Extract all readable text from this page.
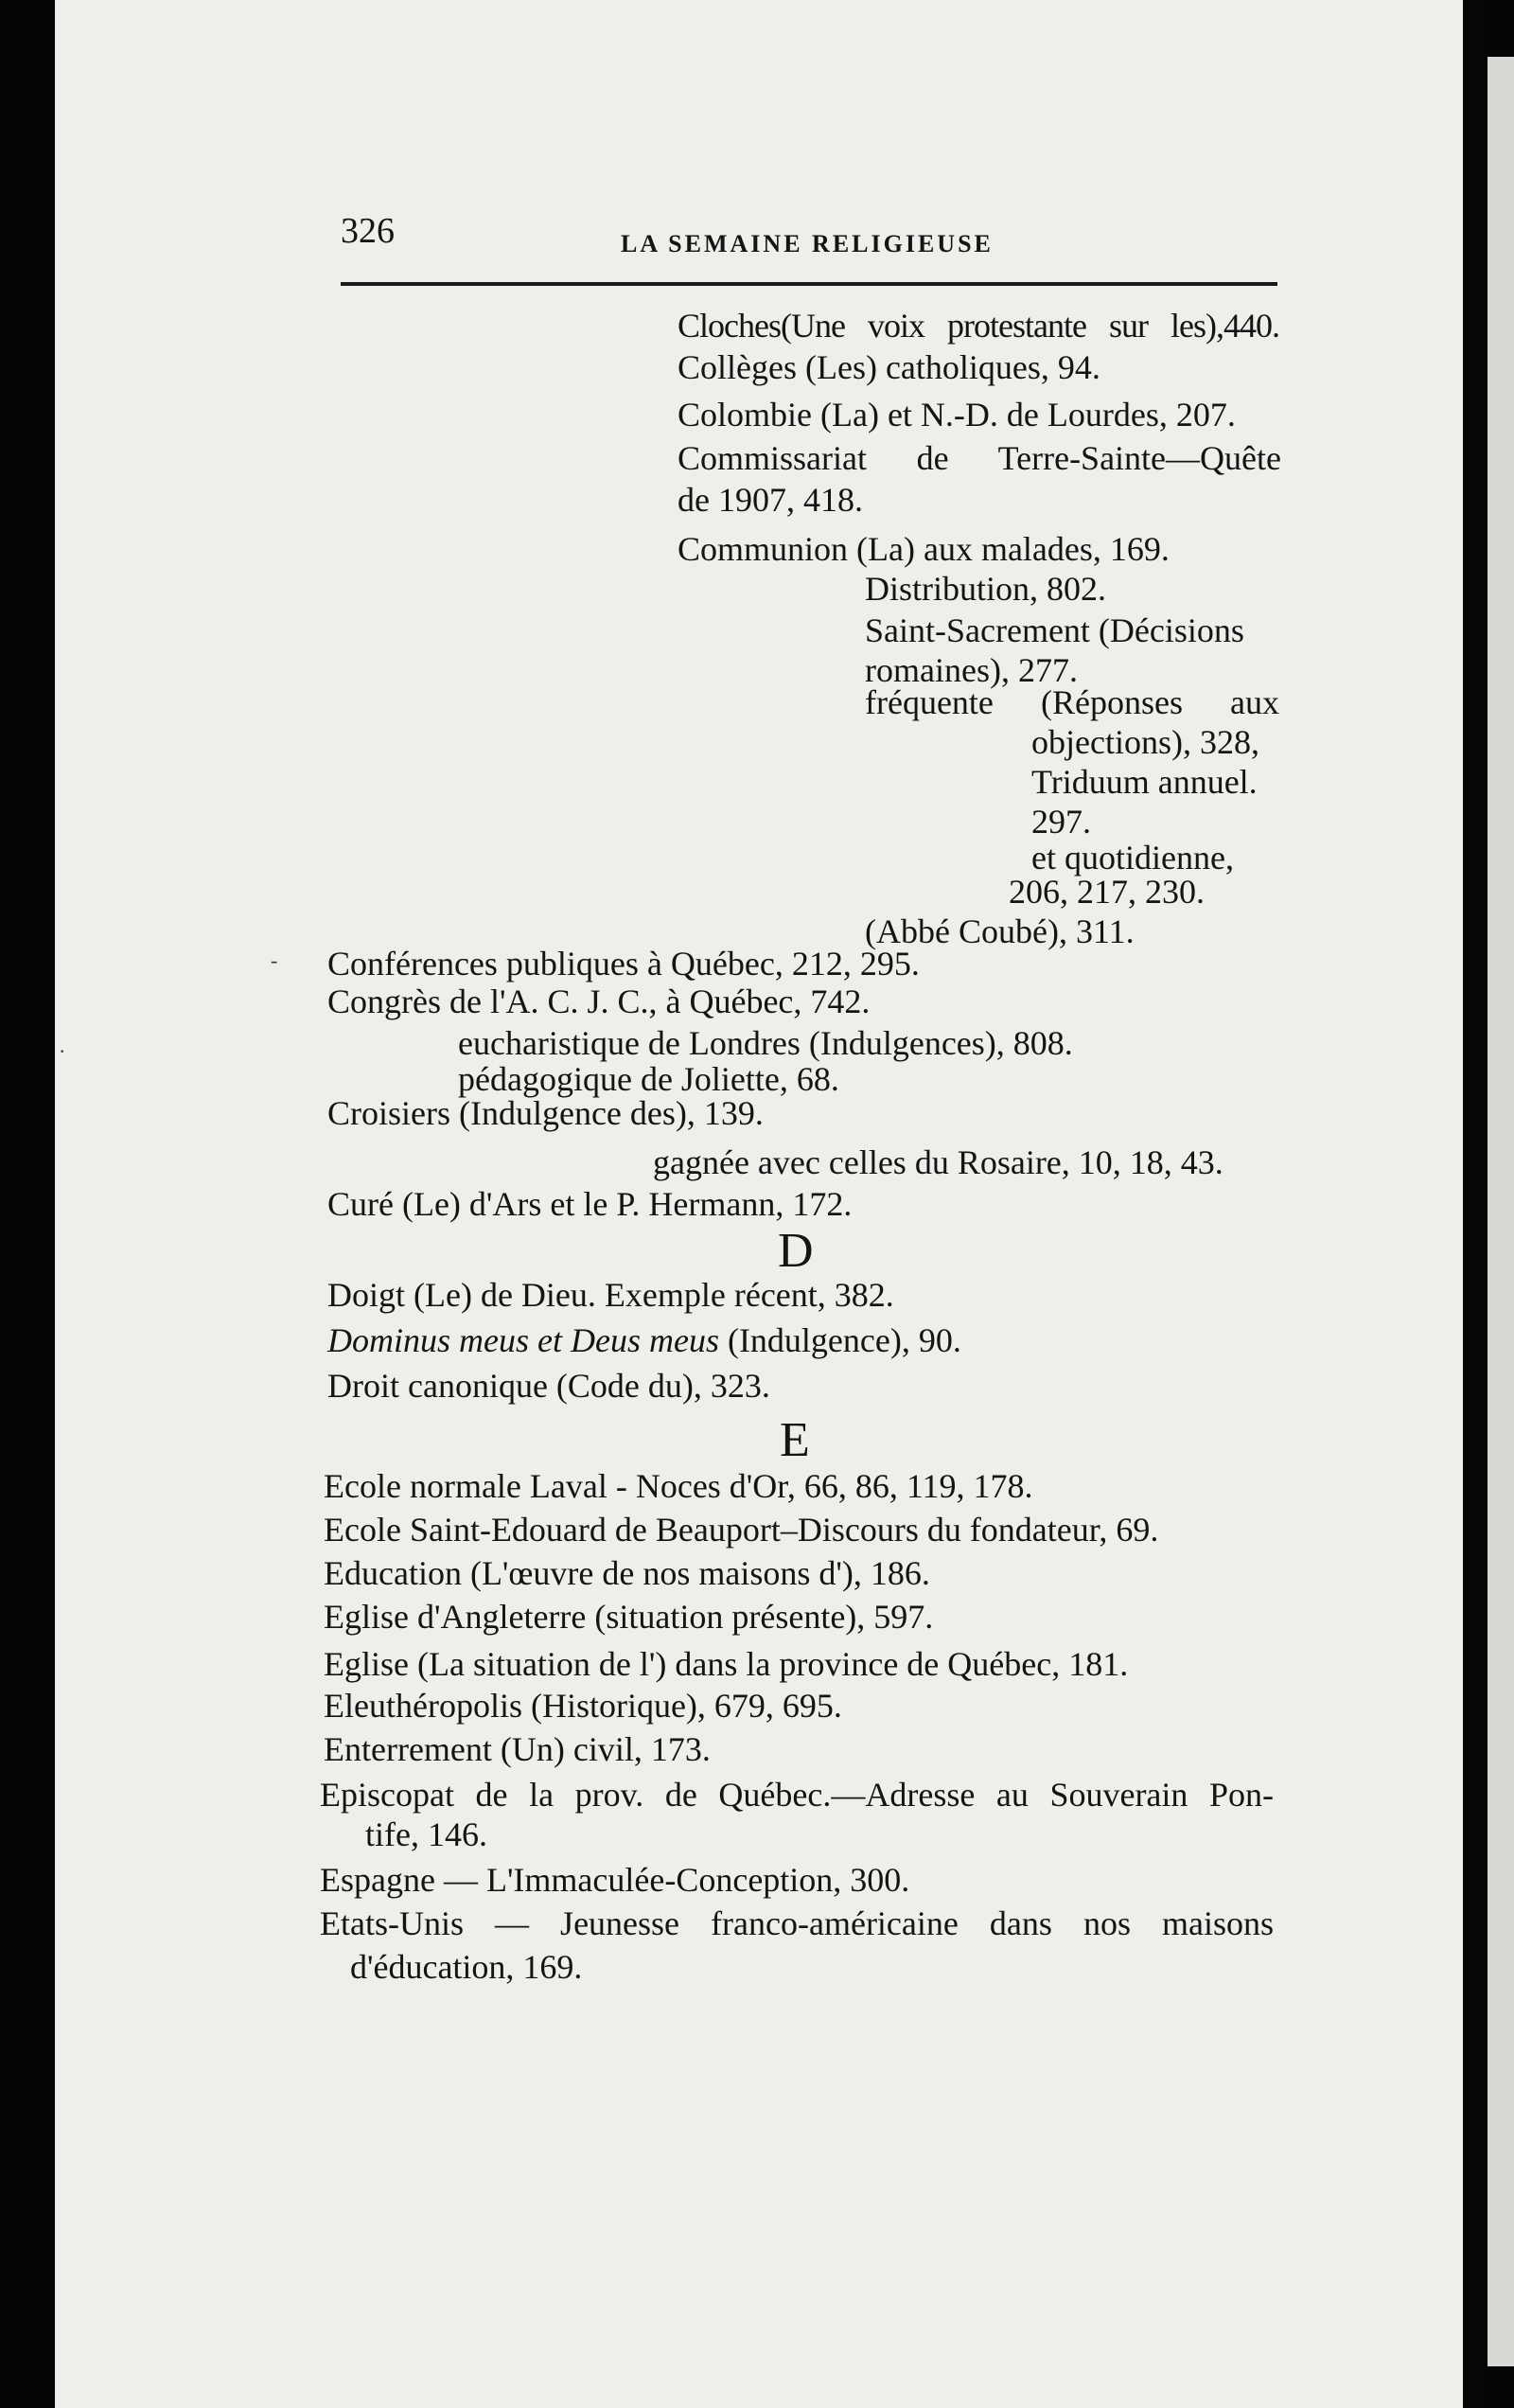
326	LA SEMAINE RELIGIEUSE
Cloches(Une voix protestante sur les),440.
Collèges (Les) catholiques, 94.
Colombie (La) et N.-D. de Lourdes, 207.
Commissariat de Terre-Sainte—Quête
de 1907, 418.
Communion (La) aux malades, 169.
Distribution, 802.
Saint-Sacrement (Décisions
romaines), 277.
fréquente (Réponses aux
objections), 328,
Triduum annuel.
297.
et quotidienne,
206, 217, 230.
(Abbé Coubé), 311.
Conférences publiques à Québec, 212, 295.
Congrès de l'A. C. J. C., à Québec, 742.
eucharistique de Londres (Indulgences), 808.
pédagogique de Joliette, 68.
Croisiers (Indulgence des), 139.
gagnée avec celles du Rosaire, 10, 18, 43.
Curé (Le) d'Ars et le P. Hermann, 172.
D
Doigt (Le) de Dieu. Exemple récent, 382.
Dominus meus et Deus meus (Indulgence), 90.
Droit canonique (Code du), 323.
E
Ecole normale Laval - Noces d'Or, 66, 86, 119, 178.
Ecole Saint-Edouard de Beauport–Discours du fondateur, 69.
Education (L'œuvre de nos maisons d'), 186.
Eglise d'Angleterre (situation présente), 597.
Eglise (La situation de l') dans la province de Québec, 181.
Eleuthéropolis (Historique), 679, 695.
Enterrement (Un) civil, 173.
Episcopat de la prov. de Québec.—Adresse au Souverain Pon-
tife, 146.
Espagne — L'Immaculée-Conception, 300.
Etats-Unis — Jeunesse franco-américaine dans nos maisons
d'éducation, 169.
-
·
